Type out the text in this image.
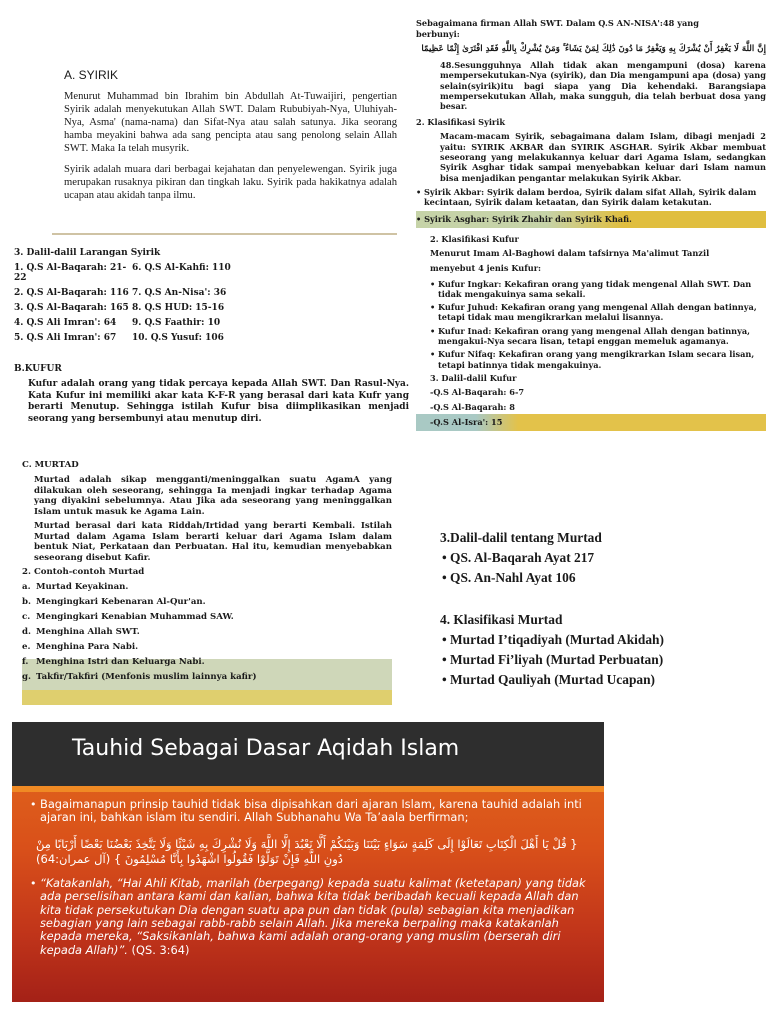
A. SYIRIK

Menurut Muhammad bin Ibrahim bin Abdullah At-Tuwaijiri, pengertian Syirik adalah menyekutukan Allah SWT. Dalam Rububiyah-Nya, Uluhiyah-Nya, Asma' (nama-nama) dan Sifat-Nya atau salah satunya. Jika seorang hamba meyakini bahwa ada sang pencipta atau sang penolong selain Allah SWT. Maka Ia telah musyrik.

Syirik adalah muara dari berbagai kejahatan dan penyelewengan. Syirik juga merupakan rusaknya pikiran dan tingkah laku. Syirik pada hakikatnya adalah ucapan atau akidah tanpa ilmu.

3. Dalil-dalil Larangan Syirik
1. Q.S Al-Baqarah: 21-22
6. Q.S Al-Kahfi: 110
2. Q.S Al-Baqarah: 116 7. Q.S An-Nisa': 36
3. Q.S Al-Baqarah: 165 8. Q.S HUD: 15-16
4. Q.S Ali Imran': 64	9. Q.S Faathir: 10
5. Q.S Ali Imran': 67	10. Q.S Yusuf: 106
B.KUFUR

Kufur adalah orang yang tidak percaya kepada Allah SWT. Dan Rasul-Nya. Kata Kufur ini memiliki akar kata K-F-R yang berasal dari kata Kufr yang berarti Menutup. Sehingga istilah Kufur bisa diimplikasikan menjadi seorang yang bersembunyi atau menutup diri.

C. MURTAD

Murtad adalah sikap mengganti/meninggalkan suatu AgamA yang dilakukan oleh seseorang, sehingga Ia menjadi ingkar terhadap Agama yang diyakini sebelumnya. Atau Jika ada seseorang yang meninggalkan Islam untuk masuk ke Agama Lain.

Murtad berasal dari kata Riddah/Irtidad yang berarti Kembali. Istilah Murtad dalam Agama Islam berarti keluar dari Agama Islam dalam bentuk Niat, Perkataan dan Perbuatan. Hal itu, kemudian menyebabkan seseorang disebut Kafir.

2. Contoh-contoh Murtad
a. Murtad Keyakinan.
b. Mengingkari Kebenaran Al-Qur'an.
c. Mengingkari Kenabian Muhammad SAW.
d. Menghina Allah SWT.
e. Menghina Para Nabi.
f. Menghina Istri dan Keluarga Nabi.
g. Takfir/Takfiri (Menfonis muslim lainnya kafir)
Sebagaimana firman Allah SWT. Dalam Q.S AN-NISA':48 yang
berbunyi:
إِنَّ اللَّهَ لَا يَغْفِرُ أَنْ يُشْرَكَ بِهِ وَيَغْفِرُ مَا دُونَ ذَٰلِكَ لِمَنْ يَشَاءُ ۚ وَمَنْ يُشْرِكْ بِاللَّهِ فَقَدِ افْتَرَىٰ إِثْمًا عَظِيمًا
48.Sesungguhnya Allah tidak akan mengampuni (dosa) karena mempersekutukan-Nya (syirik), dan Dia mengampuni apa (dosa) yang selain(syirik)itu bagi siapa yang Dia kehendaki. Barangsiapa mempersekutukan Allah, maka sungguh, dia telah berbuat dosa yang besar.
2. Klasifikasi Syirik
Macam-macam Syirik, sebagaimana dalam Islam, dibagi menjadi 2 yaitu: SYIRIK AKBAR dan SYIRIK ASGHAR. Syirik Akbar membuat seseorang yang melakukannya keluar dari Agama Islam, sedangkan Syirik Asghar tidak sampai menyebabkan keluar dari Islam namun bisa menjadikan pengantar melakukan Syirik Akbar.
• Syirik Akbar: Syirik dalam berdoa, Syirik dalam sifat Allah, Syirik dalam kecintaan, Syirik dalam ketaatan, dan Syirik dalam ketakutan.
• Syirik Asghar: Syirik Zhahir dan Syirik Khafi.
2. Klasifikasi Kufur
Menurut Imam Al-Baghowi dalam tafsirnya Ma'alimut Tanzil
menyebut 4 jenis Kufur:
• Kufur Ingkar: Kekafiran orang yang tidak mengenal Allah SWT. Dan tidak mengakuinya sama sekali.
• Kufur Juhud: Kekafiran orang yang mengenal Allah dengan batinnya, tetapi tidak mau mengikrarkan melalui lisannya.
• Kufur Inad: Kekafiran orang yang mengenal Allah dengan batinnya, mengakui-Nya secara lisan, tetapi enggan memeluk agamanya.
• Kufur Nifaq: Kekafiran orang yang mengikrarkan Islam secara lisan, tetapi batinnya tidak mengakuinya.
3. Dalil-dalil Kufur
-Q.S Al-Baqarah: 6-7
-Q.S Al-Baqarah: 8
-Q.S Al-Isra': 15
3.Dalil-dalil tentang Murtad
• QS. Al-Baqarah Ayat 217
• QS. An-Nahl Ayat 106
4. Klasifikasi Murtad
• Murtad I’tiqadiyah (Murtad Akidah)
• Murtad Fi’liyah (Murtad Perbuatan)
• Murtad Qauliyah (Murtad Ucapan)
Tauhid Sebagai Dasar Aqidah Islam
• Bagaimanapun prinsip tauhid tidak bisa dipisahkan dari ajaran Islam, karena tauhid adalah inti ajaran ini, bahkan islam itu sendiri. Allah Subhanahu Wa Ta’aala berfirman;
{ قُلْ يَا أَهْلَ الْكِتَابِ تَعَالَوْا إِلَى كَلِمَةٍ سَوَاءٍ بَيْنَنَا وَبَيْنَكُمْ أَلَّا نَعْبُدَ إِلَّا اللَّهَ وَلَا نُشْرِكَ بِهِ شَيْئًا وَلَا يَتَّخِذَ بَعْضُنَا بَعْضًا أَرْبَابًا مِنْ دُونِ اللَّهِ فَإِنْ تَوَلَّوْا فَقُولُوا اشْهَدُوا بِأَنَّا مُسْلِمُونَ } (آل عمران:64)
• “Katakanlah, “Hai Ahli Kitab, marilah (berpegang) kepada suatu kalimat (ketetapan) yang tidak ada perselisihan antara kami dan kalian, bahwa kita tidak beribadah kecuali kepada Allah dan kita tidak persekutukan Dia dengan suatu apa pun dan tidak (pula) sebagian kita menjadikan sebagian yang lain sebagai rabb-rabb selain Allah. Jika mereka berpaling maka katakanlah kepada mereka, “Saksikanlah, bahwa kami adalah orang-orang yang muslim (berserah diri kepada Allah)”. (QS. 3:64)
